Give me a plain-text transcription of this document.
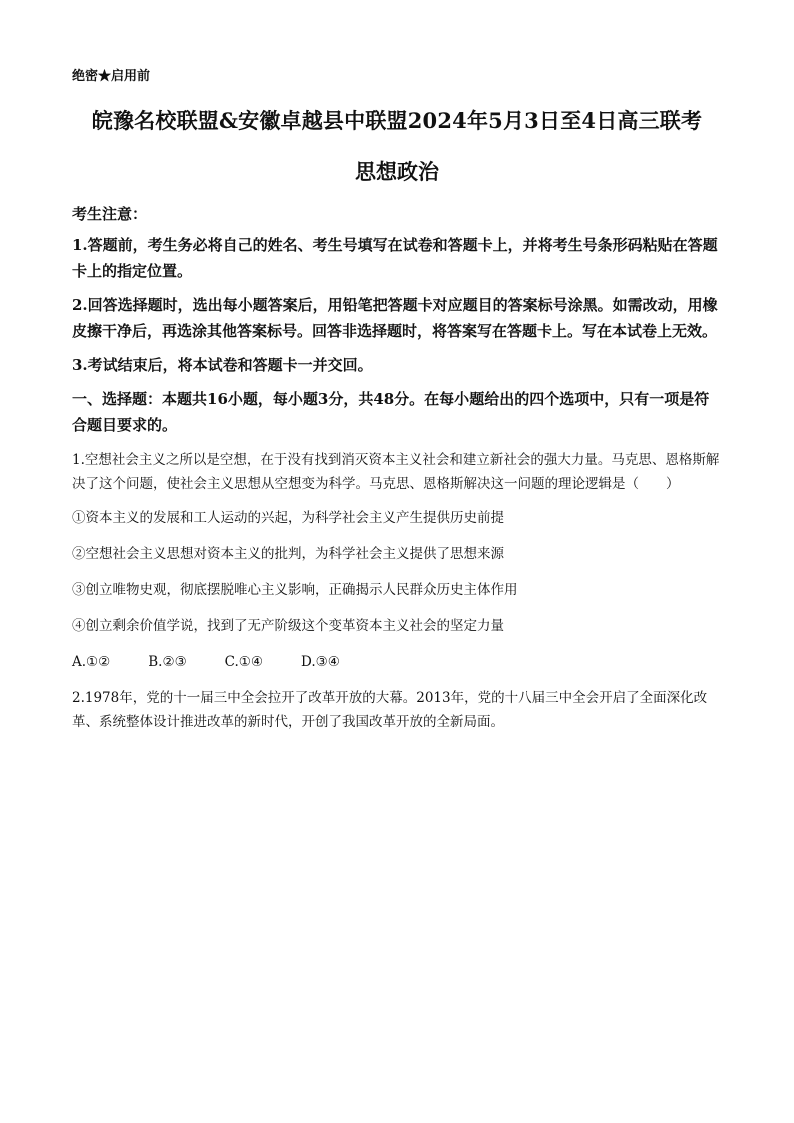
绝密★启用前
皖豫名校联盟&安徽卓越县中联盟2024年5月3日至4日高三联考
思想政治
考生注意：
1.答题前，考生务必将自己的姓名、考生号填写在试卷和答题卡上，并将考生号条形码粘贴在答题卡上的指定位置。
2.回答选择题时，选出每小题答案后，用铅笔把答题卡对应题目的答案标号涂黑。如需改动，用橡皮擦干净后，再选涂其他答案标号。回答非选择题时，将答案写在答题卡上。写在本试卷上无效。
3.考试结束后，将本试卷和答题卡一并交回。
一、选择题：本题共16小题，每小题3分，共48分。在每小题给出的四个选项中，只有一项是符合题目要求的。
1.空想社会主义之所以是空想，在于没有找到消灭资本主义社会和建立新社会的强大力量。马克思、恩格斯解决了这个问题，使社会主义思想从空想变为科学。马克思、恩格斯解决这一问题的理论逻辑是（　　）
①资本主义的发展和工人运动的兴起，为科学社会主义产生提供历史前提
②空想社会主义思想对资本主义的批判，为科学社会主义提供了思想来源
③创立唯物史观，彻底摆脱唯心主义影响，正确揭示人民群众历史主体作用
④创立剩余价值学说，找到了无产阶级这个变革资本主义社会的坚定力量
A.①②	B.②③	C.①④	D.③④
2.1978年，党的十一届三中全会拉开了改革开放的大幕。2013年，党的十八届三中全会开启了全面深化改革、系统整体设计推进改革的新时代，开创了我国改革开放的全新局面。
